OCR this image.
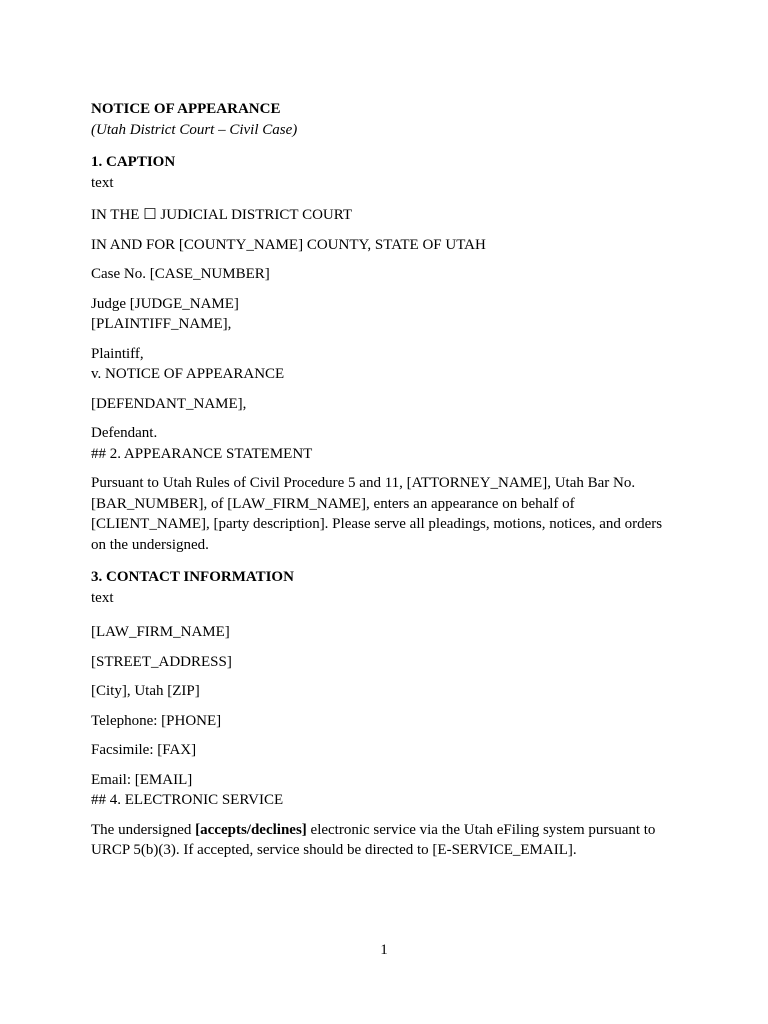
NOTICE OF APPEARANCE
(Utah District Court – Civil Case)
1. CAPTION
text
IN THE ☐ JUDICIAL DISTRICT COURT
IN AND FOR [COUNTY_NAME] COUNTY, STATE OF UTAH
Case No. [CASE_NUMBER]
Judge [JUDGE_NAME]
[PLAINTIFF_NAME],
Plaintiff,
v. NOTICE OF APPEARANCE
[DEFENDANT_NAME],
Defendant.
## 2. APPEARANCE STATEMENT
Pursuant to Utah Rules of Civil Procedure 5 and 11, [ATTORNEY_NAME], Utah Bar No. [BAR_NUMBER], of [LAW_FIRM_NAME], enters an appearance on behalf of [CLIENT_NAME], [party description]. Please serve all pleadings, motions, notices, and orders on the undersigned.
3. CONTACT INFORMATION
text
[LAW_FIRM_NAME]
[STREET_ADDRESS]
[City], Utah [ZIP]
Telephone: [PHONE]
Facsimile: [FAX]
Email: [EMAIL]
## 4. ELECTRONIC SERVICE
The undersigned [accepts/declines] electronic service via the Utah eFiling system pursuant to URCP 5(b)(3). If accepted, service should be directed to [E-SERVICE_EMAIL].
1
